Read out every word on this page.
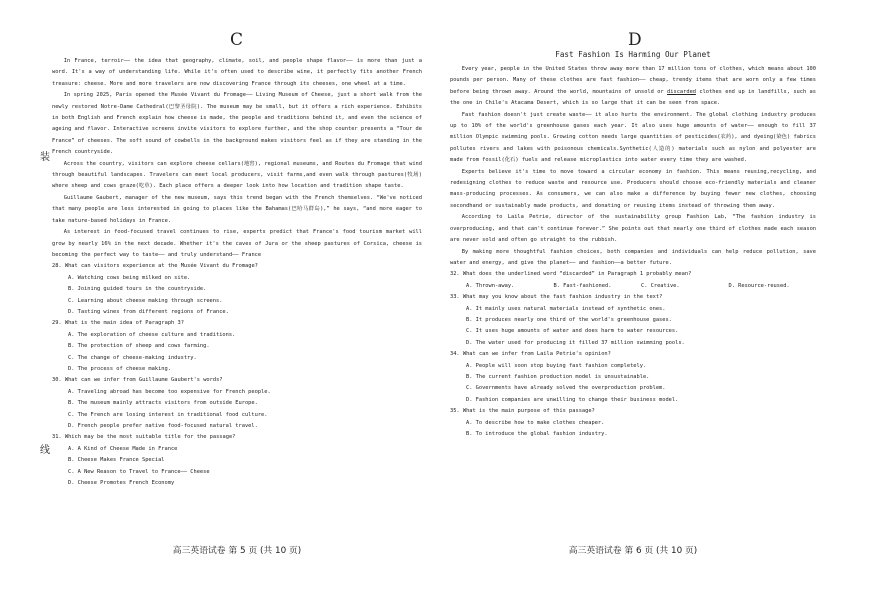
装
线
C

In France, terroir—— the idea that geography, climate, soil, and people shape flavor—— is more than just a word. It's a way of understanding life. While it's often used to describe wine, it perfectly fits another French treasure: cheese. More and more travelers are now discovering France through its cheeses, one wheel at a time.

In spring 2025, Paris opened the Musée Vivant du Fromage—— Living Museum of Cheese, just a short walk from the newly restored Notre-Dame Cathedral(巴黎圣母院). The museum may be small, but it offers a rich experience. Exhibits in both English and French explain how cheese is made, the people and traditions behind it, and even the science of ageing and flavor. Interactive screens invite visitors to explore further, and the shop counter presents a “Tour de France” of cheeses. The soft sound of cowbells in the background makes visitors feel as if they are standing in the French countryside.

Across the country, visitors can explore cheese cellars(地窖), regional museums, and Routes du Fromage that wind through beautiful landscapes. Travelers can meet local producers, visit farms,and even walk through pastures(牧场) where sheep and cows graze(吃草). Each place offers a deeper look into how location and tradition shape taste.

Guillaume Gaubert, manager of the new museum, says this trend began with the French themselves. “We've noticed that many people are less interested in going to places like the Bahamas(巴哈马群岛),” he says, “and more eager to take nature-based holidays in France.

As interest in food-focused travel continues to rise, experts predict that France's food tourism market will grow by nearly 16% in the next decade. Whether it's the caves of Jura or the sheep pastures of Corsica, cheese is becoming the perfect way to taste—— and truly understand—— France

28. What can visitors experience at the Musée Vivant du Fromage?
A. Watching cows being milked on site.
B. Joining guided tours in the countryside.
C. Learning about cheese making through screens.
D. Tasting wines from different regions of France.
29. What is the main idea of Paragraph 3?
A. The exploration of cheese culture and traditions.
B. The protection of sheep and cows farming.
C. The change of cheese-making industry.
D. The process of cheese making.
30. What can we infer from Guillaume Gaubert's words?
A. Traveling abroad has become too expensive for French people.
B. The museum mainly attracts visitors from outside Europe.
C. The French are losing interest in traditional food culture.
D. French people prefer native food-focused natural travel.
31. Which may be the most suitable title for the passage?
A. A Kind of Cheese Made in France
B. Cheese Makes France Special
C. A New Reason to Travel to France—— Cheese
D. Cheese Promotes French Economy
高三英语试卷 第 5 页 (共 10 页)
D
Fast Fashion Is Harming Our Planet

Every year, people in the United States throw away more than 17 million tons of clothes, which means about 100 pounds per person. Many of these clothes are fast fashion—— cheap, trendy items that are worn only a few times before being thrown away. Around the world, mountains of unsold or discarded clothes end up in landfills, such as the one in Chile's Atacama Desert, which is so large that it can be seen from space.

Fast fashion doesn't just create waste—— it also hurts the environment. The global clothing industry produces up to 10% of the world's greenhouse gases each year. It also uses huge amounts of water—— enough to fill 37 million Olympic swimming pools. Growing cotton needs large quantities of pesticides(农药), and dyeing(染色) fabrics pollutes rivers and lakes with poisonous chemicals.Synthetic(人造的) materials such as nylon and polyester are made from fossil(化石) fuels and release microplastics into water every time they are washed.

Experts believe it's time to move toward a circular economy in fashion. This means reusing,recycling, and redesigning clothes to reduce waste and resource use. Producers should choose eco-friendly materials and cleaner mass-producing processes. As consumers, we can also make a difference by buying fewer new clothes, choosing secondhand or sustainably made products, and donating or reusing items instead of throwing them away.

According to Laila Petrie, director of the sustainability group Fashion Lab, “The fashion industry is overproducing, and that can't continue forever.” She points out that nearly one third of clothes made each season are never sold and often go straight to the rubbish.

By making more thoughtful fashion choices, both companies and individuals can help reduce pollution, save water and energy, and give the planet—— and fashion——a better future.

32. What does the underlined word “discarded” in Paragraph 1 probably mean?
A. Thrown-away.	B. Fast-fashioned.	C. Creative.	D. Resource-reused.
33. What may you know about the fast fashion industry in the text?
A. It mainly uses natural materials instead of synthetic ones.
B. It produces nearly one third of the world's greenhouse gases.
C. It uses huge amounts of water and does harm to water resources.
D. The water used for producing it filled 37 million swimming pools.
34. What can we infer from Laila Petrie's opinion?
A. People will soon stop buying fast fashion completely.
B. The current fashion production model is unsustainable.
C. Governments have already solved the overproduction problem.
D. Fashion companies are unwilling to change their business model.
35. What is the main purpose of this passage?
A. To describe how to make clothes cheaper.
B. To introduce the global fashion industry.
高三英语试卷 第 6 页 (共 10 页)
